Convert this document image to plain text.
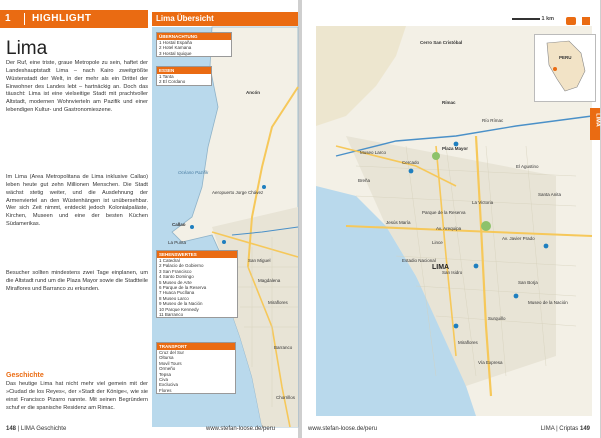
1 HIGHLIGHT
Lima
Der Ruf, eine triste, graue Metropole zu sein, haftet der Landeshauptstadt Lima – nach Kairo zweitgrößte Wüstenstadt der Welt, in der mehr als ein Drittel der Einwohner des Landes lebt – hartnäckig an. Doch das täuscht: Lima ist eine vielseitige Stadt mit prachtvoller Altstadt, modernen Wohnvierteln am Pazifik und einer lebendigen Kultur- und Gastronomieszene.
Im Lima (Area Metropolitana de Lima inklusive Callao) leben heute gut zehn Millionen Menschen. Die Stadt wächst stetig weiter, und die Ausdehnung der Armenviertel an den Wüstenhängen ist unübersehbar. Wer sich Zeit nimmt, entdeckt jedoch Kolonialpaläste, Kirchen, Museen und eine der besten Küchen Südamerikas.
Besucher sollten mindestens zwei Tage einplanen, um die Altstadt rund um die Plaza Mayor sowie die Stadtteile Miraflores und Barranco zu erkunden.
Geschichte
Das heutige Lima hat nicht mehr viel gemein mit der »Ciudad de los Reyes«, der »Stadt der Könige«, wie sie einst Francisco Pizarro nannte. Mit seinen Begründern schuf er die spanische Residenz am Rimac.
Lima Übersicht
Ancón
Aeropuerto Jorge Chávez
Callao
La Punta
San Miguel
Magdalena
Miraflores
Barranco
Chorrillos
Océano Pazifik
ÜBERNACHTUNG
1 Hostal España
2 Hotel Kamana
3 Hostal Iquique
ESSEN
1 Tanta
2 El Cordano
SEHENSWERTES
1 Catedral
2 Palacio de Gobierno
3 San Francisco
4 Santo Domingo
5 Museo de Arte
6 Parque de la Reserva
7 Huaca Pucllana
8 Museo Larco
9 Museo de la Nación
10 Parque Kennedy
11 Barranco
TRANSPORT
Cruz del Sur
Oltursa
Movil Tours
Ormeño
Tepsa
Civa
Excluciva
Flores
148 | LIMA Geschichte	www.stefan-loose.de/peru
PERU

1 km
Cerro San Cristóbal
Rímac
Río Rímac
Plaza Mayor
Cercado
Breña
Museo Larco
El Agustino
Santa Anita
La Victoria
Parque de la Reserva
Jesús María
Lince
Estadio Nacional
Av. Javier Prado
San Isidro
San Borja
Museo de la Nación
Surquillo
Miraflores
Vía Expresa
Av. Arequipa
LIMA
LIMA
www.stefan-loose.de/peru	LIMA | Criptas 149
